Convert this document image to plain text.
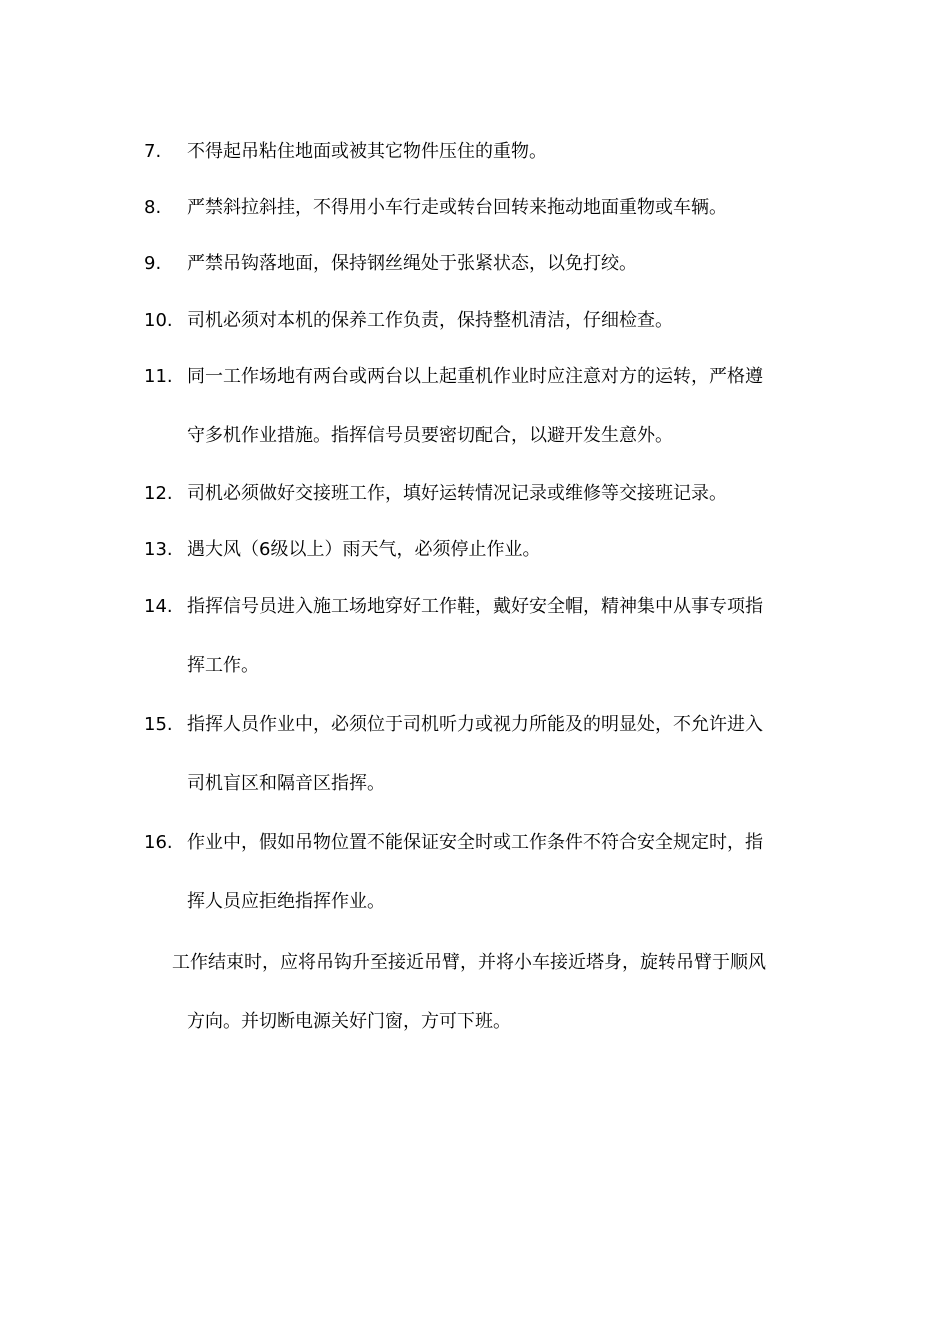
7.	不得起吊粘住地面或被其它物件压住的重物。
8.	严禁斜拉斜挂，不得用小车行走或转台回转来拖动地面重物或车辆。
9.	严禁吊钩落地面，保持钢丝绳处于张紧状态，以免打绞。
10. 司机必须对本机的保养工作负责，保持整机清洁，仔细检查。
11. 同一工作场地有两台或两台以上起重机作业时应注意对方的运转，严格遵
守多机作业措施。指挥信号员要密切配合，以避开发生意外。
12. 司机必须做好交接班工作，填好运转情况记录或维修等交接班记录。
13. 遇大风（6级以上）雨天气，必须停止作业。
14. 指挥信号员进入施工场地穿好工作鞋，戴好安全帽，精神集中从事专项指
挥工作。
15. 指挥人员作业中，必须位于司机听力或视力所能及的明显处，不允许进入
司机盲区和隔音区指挥。
16. 作业中，假如吊物位置不能保证安全时或工作条件不符合安全规定时，指
挥人员应拒绝指挥作业。
工作结束时，应将吊钩升至接近吊臂，并将小车接近塔身，旋转吊臂于顺风
方向。并切断电源关好门窗，方可下班。
